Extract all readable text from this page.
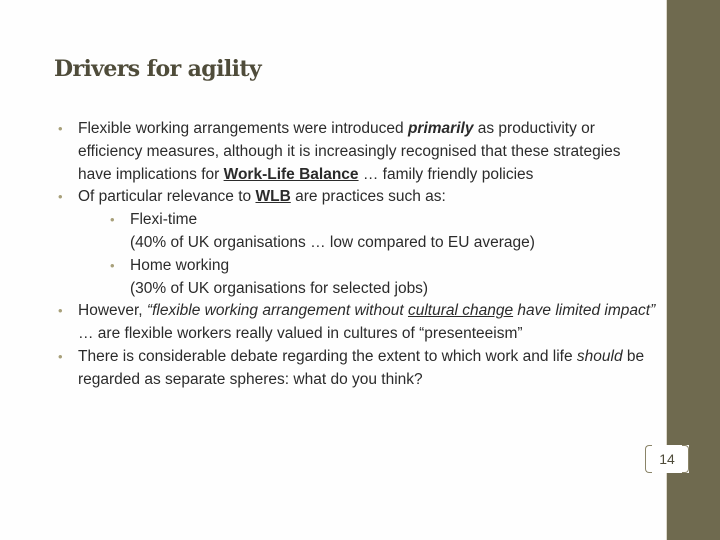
Drivers for agility
• Flexible working arrangements were introduced primarily as productivity or efficiency measures, although it is increasingly recognised that these strategies have implications for Work-Life Balance … family friendly policies
• Of particular relevance to WLB are practices such as:
• Flexi-time
(40% of UK organisations … low compared to EU average)
• Home working
(30% of UK organisations for selected jobs)
• However, “flexible working arrangement without cultural change have limited impact” … are flexible workers really valued in cultures of “presenteeism”
• There is considerable debate regarding the extent to which work and life should be regarded as separate spheres: what do you think?
14
